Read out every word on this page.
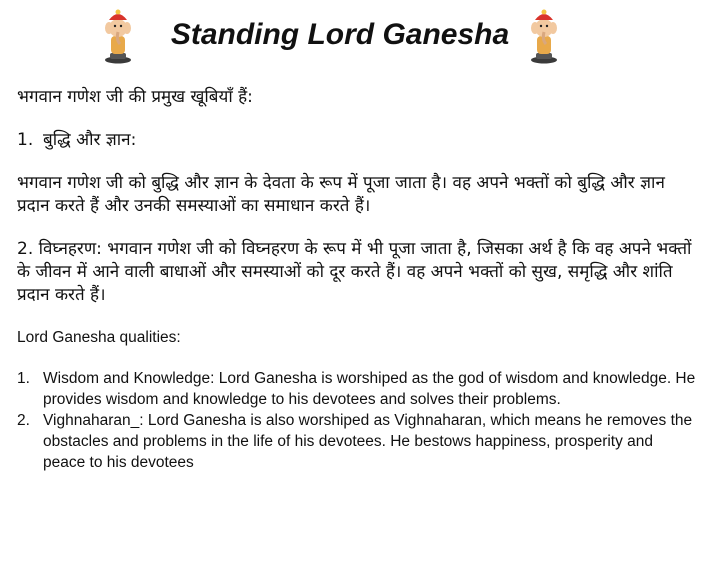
Standing Lord Ganesha

भगवान गणेश जी की प्रमुख खूबियाँ हैं:

1. बुद्धि और ज्ञान:

भगवान गणेश जी को बुद्धि और ज्ञान के देवता के रूप में पूजा जाता है। वह अपने भक्तों को बुद्धि और ज्ञान प्रदान करते हैं और उनकी समस्याओं का समाधान करते हैं।

2. विघ्नहरण: भगवान गणेश जी को विघ्नहरण के रूप में भी पूजा जाता है, जिसका अर्थ है कि वह अपने भक्तों के जीवन में आने वाली बाधाओं और समस्याओं को दूर करते हैं। वह अपने भक्तों को सुख, समृद्धि और शांति प्रदान करते हैं।

Lord Ganesha qualities:

1. Wisdom and Knowledge: Lord Ganesha is worshiped as the god of wisdom and knowledge. He provides wisdom and knowledge to his devotees and solves their problems.
2. Vighnaharan_: Lord Ganesha is also worshiped as Vighnaharan, which means he removes the obstacles and problems in the life of his devotees. He bestows happiness, prosperity and peace to his devotees
